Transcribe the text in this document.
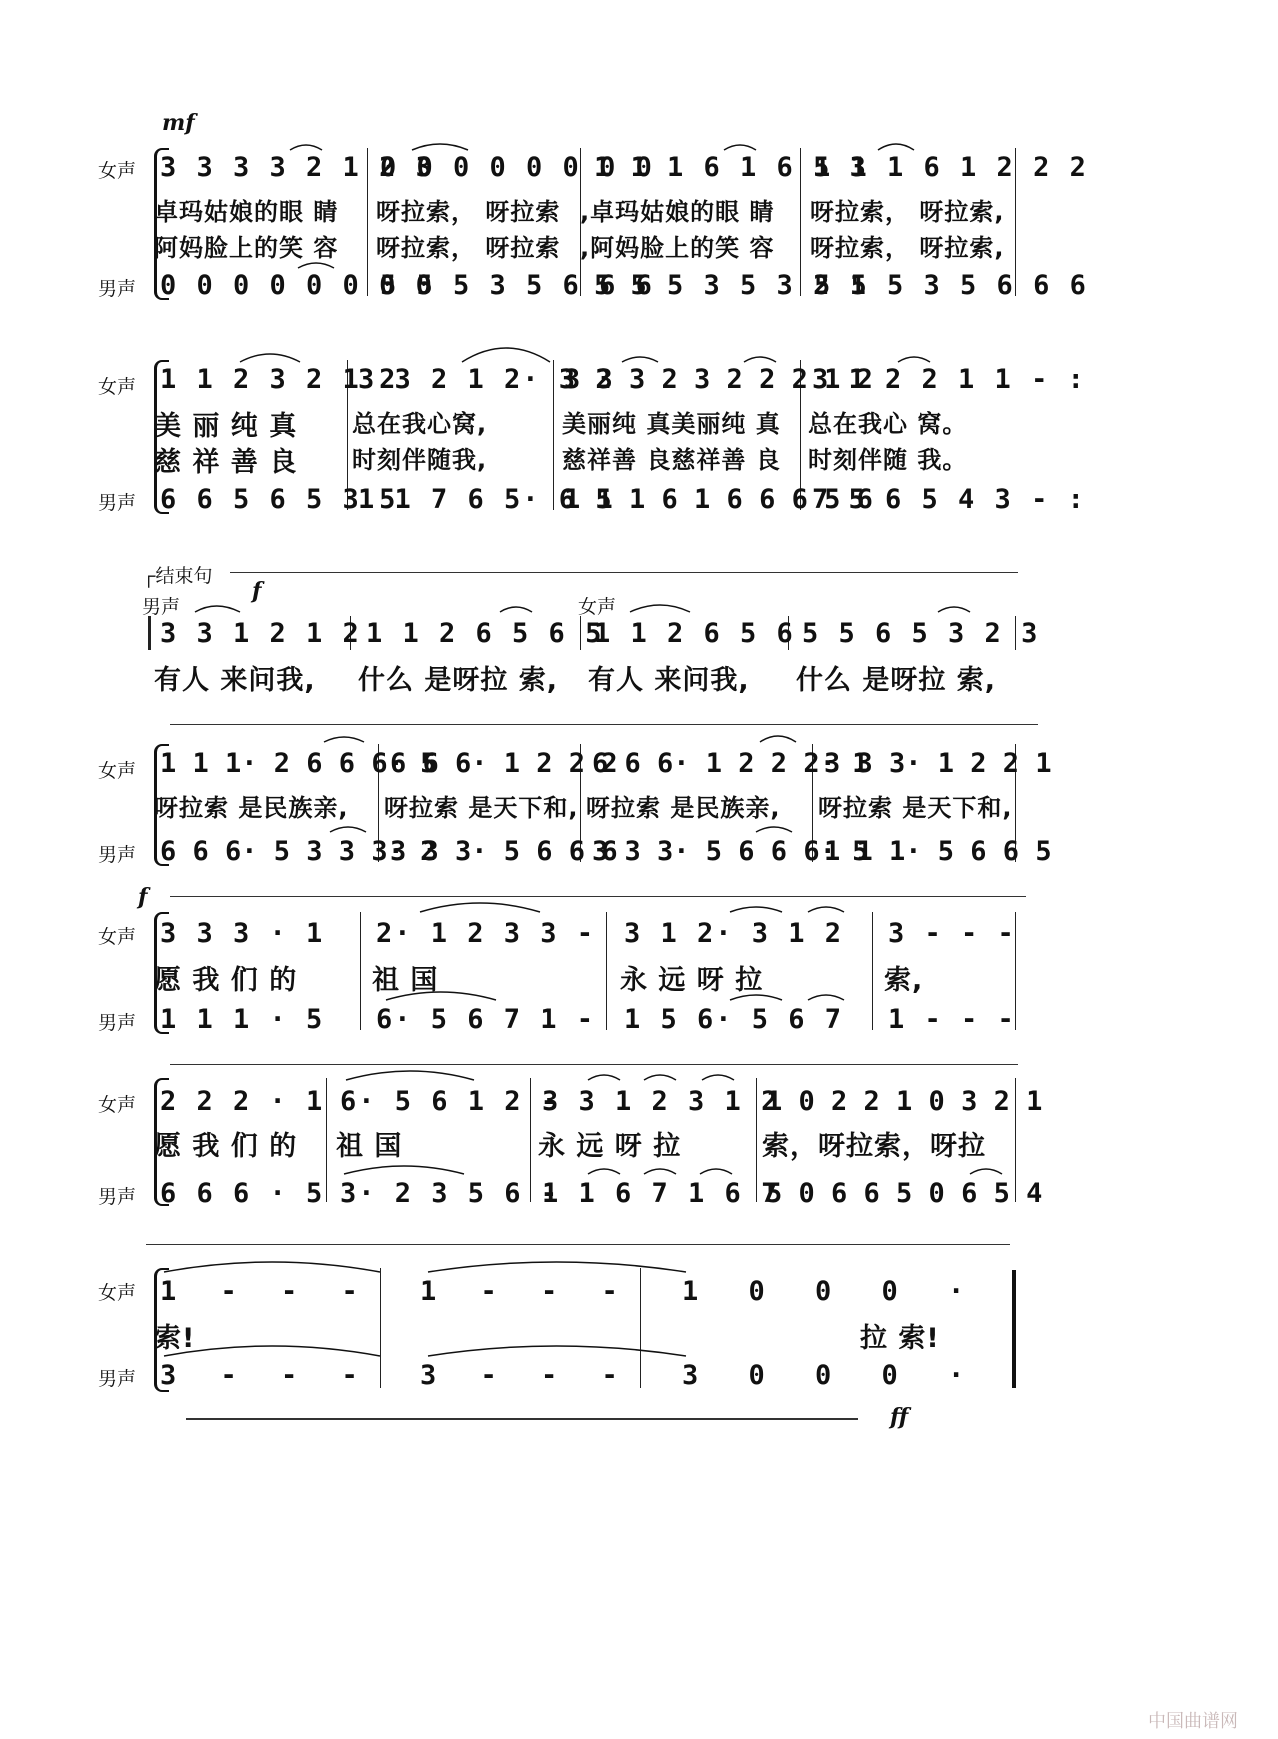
mf
女声
男声
3 3 3 3 2 1 2 3
卓玛姑娘的眼 睛
阿妈脸上的笑 容
0 0 0 0 0 0 0 0
0 0 0 0 0 0 0 0
呀拉索， 呀拉索
呀拉索， 呀拉索
5 5 5 3 5 6 6 6
1 1 1 6 1 6 5 3
,卓玛姑娘的眼 睛
,阿妈脸上的笑 容
5 5 5 3 5 3 2 1
1 1 1 6 1 2 2 2
呀拉索， 呀拉索,
呀拉索， 呀拉索,
5 5 5 3 5 6 6 6
女声
男声
1 1 2 3 2 1 2
美 丽 纯 真
慈 祥 善 良
6 6 5 6 5 3 5
3 3 2 1 2· 3 2
总在我心窝,
时刻伴随我,
1 1 7 6 5· 6 5
3 3 3 2 3 2 2 2 1 2
美丽纯 真美丽纯 真
慈祥善 良慈祥善 良
1 1 1 6 1 6 6 6 5 6
3 1 2 2 1 1 - :
总在我心 窝。
时刻伴随 我。
7 5 6 5 4 3 - :
┌结束句
男声
f
女声
3 3 1 2 1 2
有人 来问我,
1 1 2 6 5 6 5
什么 是呀拉 索,
1 1 2 6 5 6
有人 来问我,
5 5 6 5 3 2 3
什么 是呀拉 索,
女声
男声
1 1 1· 2 6 6 6· 5
呀拉索 是民族亲,
6 6 6· 5 3 3 3· 2
6 6 6· 1 2 2 2
呀拉索 是天下和,
3 3 3· 5 6 6 6
6 6 6· 1 2 2 2· 1
呀拉索 是民族亲,
3 3 3· 5 6 6 6· 5
3 3 3· 1 2 2 1
呀拉索 是天下和,
1 1 1· 5 6 6 5
f
女声
男声
3 3 3 · 1
愿 我 们 的
1 1 1 · 5
2· 1 2 3 3 -
祖 国
6· 5 6 7 1 -
3 1 2· 3 1 2
永 远 呀 拉
1 5 6· 5 6 7
3 - - -
索,
1 - - -
女声
男声
2 2 2 · 1
愿 我 们 的
6 6 6 · 5
6· 5 6 1 2 -
祖 国
3· 2 3 5 6 -
3 3 1 2 3 1 2
永 远 呀 拉
1 1 6 7 1 6 7
1 0 2 2 1 0 3 2 1
索，呀拉索，呀拉
5 0 6 6 5 0 6 5 4
女声
男声
1 - - -
索!
3 - - -
1 - - -
3 - - -
1 0 0 0 ·
拉 索!
3 0 0 0 ·
ff
中国曲谱网
